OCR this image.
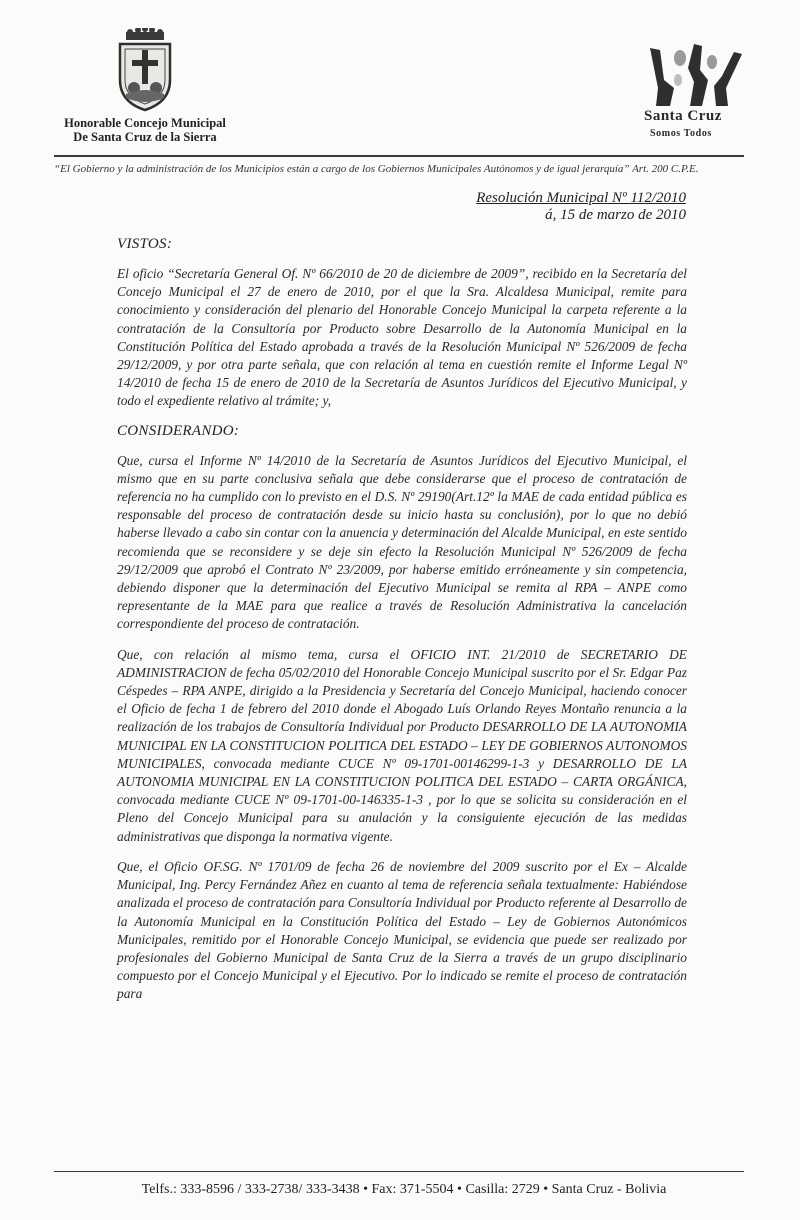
Honorable Concejo Municipal
De Santa Cruz de la Sierra
Santa Cruz
Somos Todos
“El Gobierno y la administración de los Municipios están a cargo de los Gobiernos Municipales Autónomos y de igual jerarquía” Art. 200 C.P.E.
Resolución Municipal Nº 112/2010
á, 15 de marzo de 2010
VISTOS:

El oficio “Secretaría General Of. Nº 66/2010 de 20 de diciembre de 2009”, recibido en la Secretaría del Concejo Municipal el 27 de enero de 2010, por el que la Sra. Alcaldesa Municipal, remite para conocimiento y consideración del plenario del Honorable Concejo Municipal la carpeta referente a la contratación de la Consultoría por Producto sobre Desarrollo de la Autonomía Municipal en la Constitución Política del Estado aprobada a través de la Resolución Municipal Nº 526/2009 de fecha 29/12/2009, y por otra parte señala, que con relación al tema en cuestión remite el Informe Legal Nº 14/2010 de fecha 15 de enero de 2010 de la Secretaría de Asuntos Jurídicos del Ejecutivo Municipal, y todo el expediente relativo al trámite; y,

CONSIDERANDO:

Que, cursa el Informe Nº 14/2010 de la Secretaría de Asuntos Jurídicos del Ejecutivo Municipal, el mismo que en su parte conclusiva señala que debe considerarse que el proceso de contratación de referencia no ha cumplido con lo previsto en el D.S. Nº 29190(Art.12º la MAE de cada entidad pública es responsable del proceso de contratación desde su inicio hasta su conclusión), por lo que no debió haberse llevado a cabo sin contar con la anuencia y determinación del Alcalde Municipal, en este sentido recomienda que se reconsidere y se deje sin efecto la Resolución Municipal Nº 526/2009 de fecha 29/12/2009 que aprobó el Contrato Nº 23/2009, por haberse emitido erróneamente y sin competencia, debiendo disponer que la determinación del Ejecutivo Municipal se remita al RPA – ANPE como representante de la MAE para que realice a través de Resolución Administrativa la cancelación correspondiente del proceso de contratación.

Que, con relación al mismo tema, cursa el OFICIO INT. 21/2010 de SECRETARIO DE ADMINISTRACION de fecha 05/02/2010 del Honorable Concejo Municipal suscrito por el Sr. Edgar Paz Céspedes – RPA ANPE, dirigido a la Presidencia y Secretaría del Concejo Municipal, haciendo conocer el Oficio de fecha 1 de febrero del 2010 donde el Abogado Luís Orlando Reyes Montaño renuncia a la realización de los trabajos de Consultoría Individual por Producto DESARROLLO DE LA AUTONOMIA MUNICIPAL EN LA CONSTITUCION POLITICA DEL ESTADO – LEY DE GOBIERNOS AUTONOMOS MUNICIPALES, convocada mediante CUCE Nº 09-1701-00146299-1-3 y DESARROLLO DE LA AUTONOMIA MUNICIPAL EN LA CONSTITUCION POLITICA DEL ESTADO – CARTA ORGÁNICA, convocada mediante CUCE Nº 09-1701-00-146335-1-3 , por lo que se solicita su consideración en el Pleno del Concejo Municipal para su anulación y la consiguiente ejecución de las medidas administrativas que disponga la normativa vigente.

Que, el Oficio OF.SG. Nº 1701/09 de fecha 26 de noviembre del 2009 suscrito por el Ex – Alcalde Municipal, Ing. Percy Fernández Añez en cuanto al tema de referencia señala textualmente: Habiéndose analizada el proceso de contratación para Consultoría Individual por Producto referente al Desarrollo de la Autonomía Municipal en la Constitución Política del Estado – Ley de Gobiernos Autonómicos Municipales, remitido por el Honorable Concejo Municipal, se evidencia que puede ser realizado por profesionales del Gobierno Municipal de Santa Cruz de la Sierra a través de un grupo disciplinario compuesto por el Concejo Municipal y el Ejecutivo. Por lo indicado se remite el proceso de contratación para

Telfs.: 333-8596 / 333-2738/ 333-3438 • Fax: 371-5504 • Casilla: 2729 • Santa Cruz - Bolivia
